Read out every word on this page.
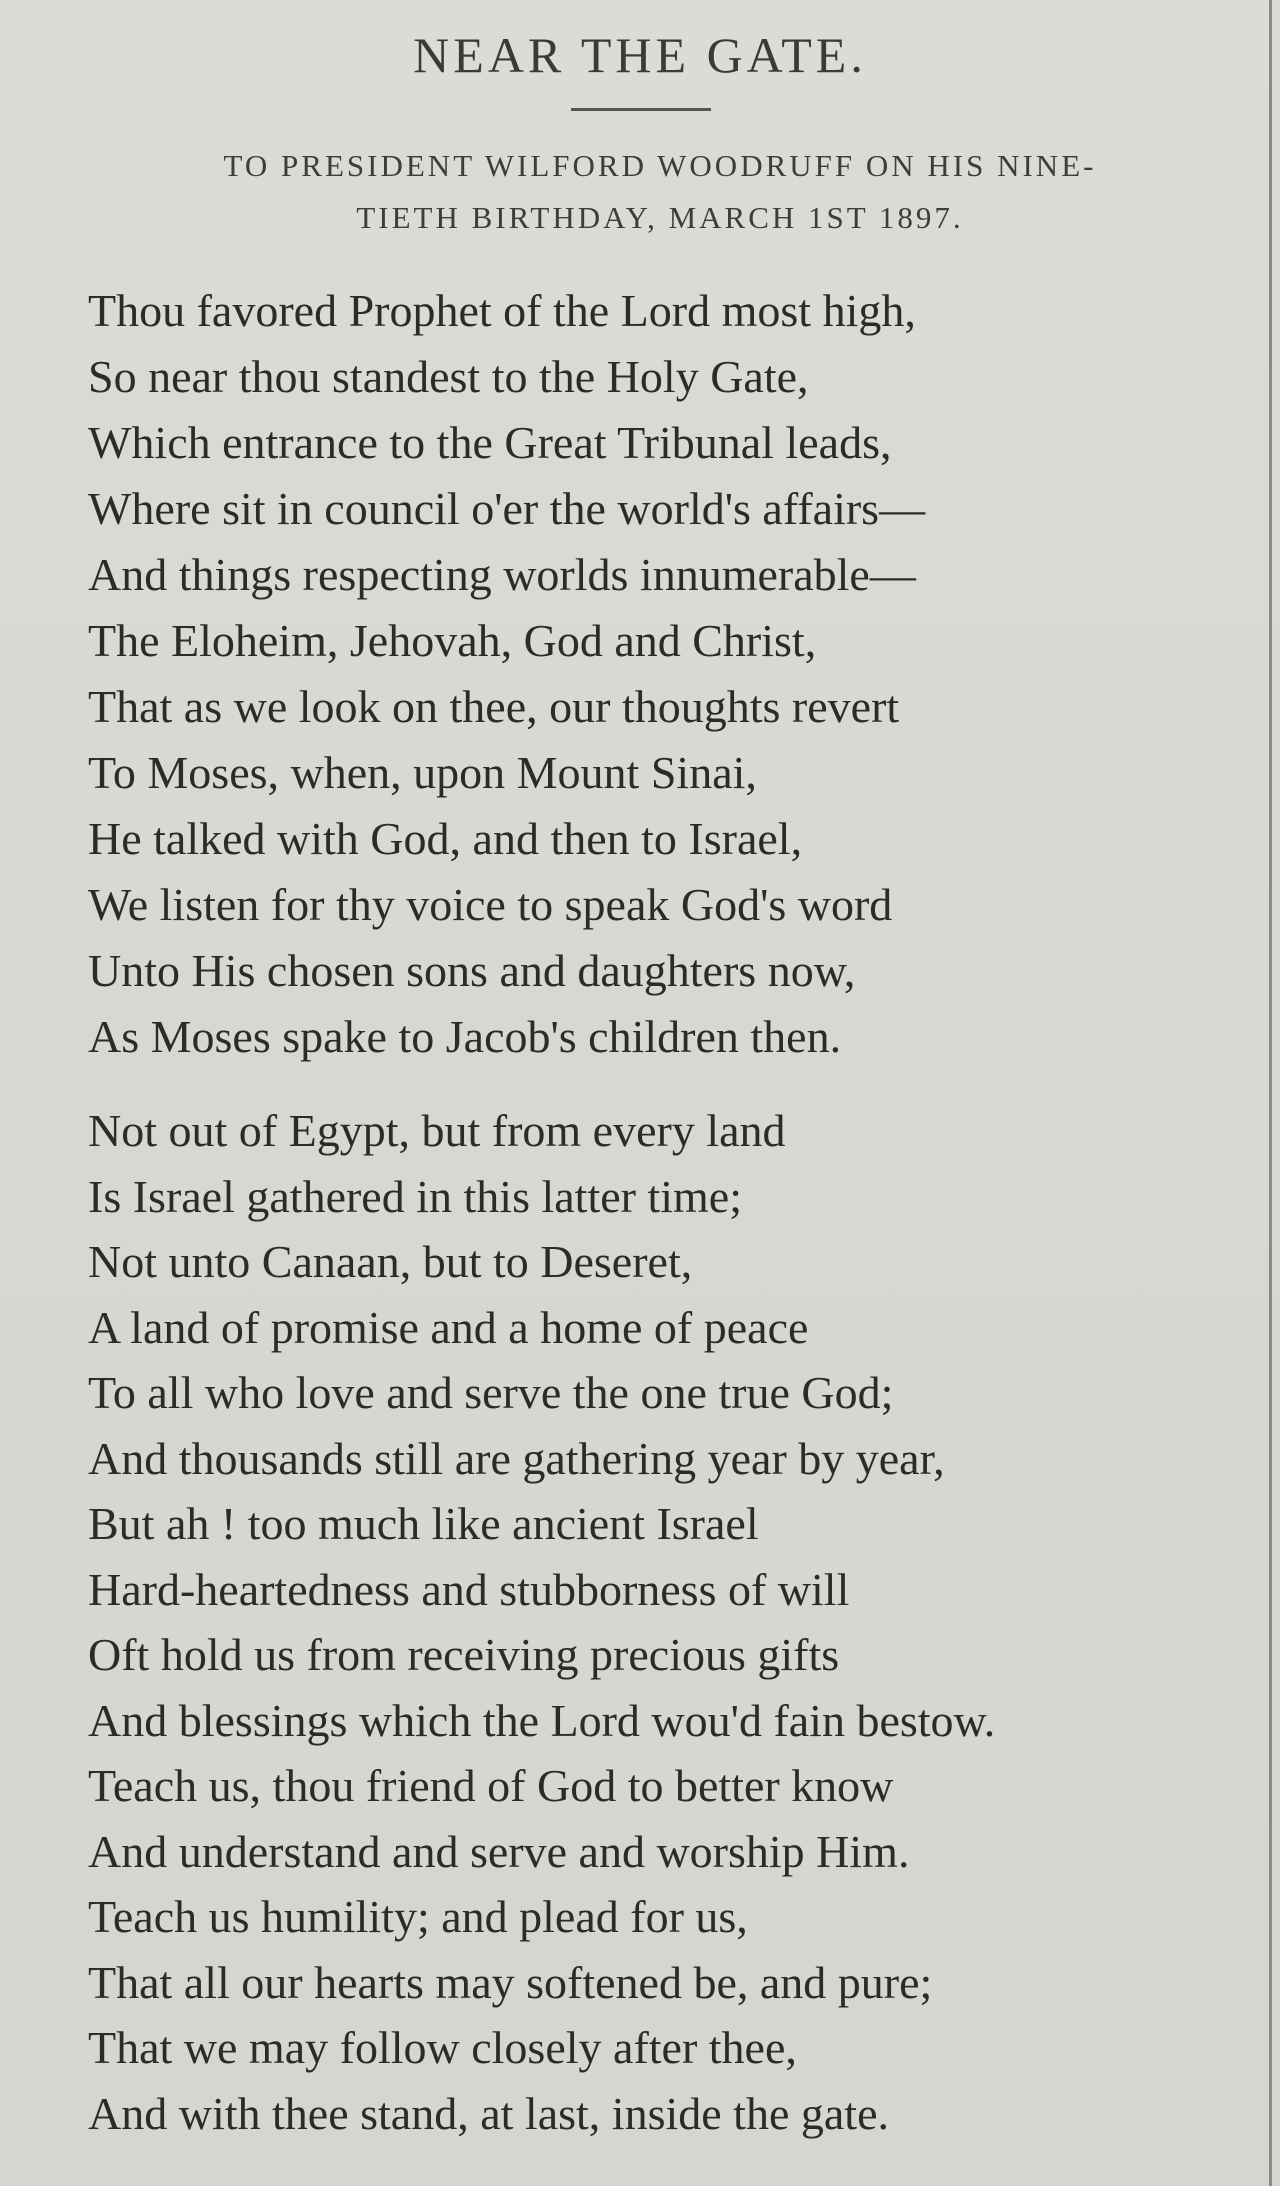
NEAR THE GATE.
TO PRESIDENT WILFORD WOODRUFF ON HIS NINE-
TIETH BIRTHDAY, MARCH 1ST 1897.
Thou favored Prophet of the Lord most high,
So near thou standest to the Holy Gate,
Which entrance to the Great Tribunal leads,
Where sit in council o'er the world's affairs—
And things respecting worlds innumerable—
The Eloheim, Jehovah, God and Christ,
That as we look on thee, our thoughts revert
To Moses, when, upon Mount Sinai,
He talked with God, and then to Israel,
We listen for thy voice to speak God's word
Unto His chosen sons and daughters now,
As Moses spake to Jacob's children then.
Not out of Egypt, but from every land
Is Israel gathered in this latter time;
Not unto Canaan, but to Deseret,
A land of promise and a home of peace
To all who love and serve the one true God;
And thousands still are gathering year by year,
But ah ! too much like ancient Israel
Hard-heartedness and stubborness of will
Oft hold us from receiving precious gifts
And blessings which the Lord wou'd fain bestow.
Teach us, thou friend of God to better know
And understand and serve and worship Him.
Teach us humility; and plead for us,
That all our hearts may softened be, and pure;
That we may follow closely after thee,
And with thee stand, at last, inside the gate.
